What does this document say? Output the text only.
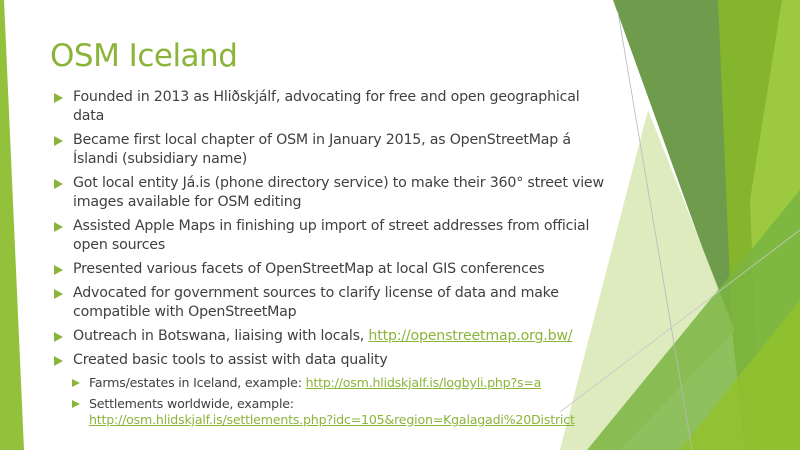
OSM Iceland
Founded in 2013 as Hliðskjálf, advocating for free and open geographical data
Became first local chapter of OSM in January 2015, as OpenStreetMap á Íslandi (subsidiary name)
Got local entity Já.is (phone directory service) to make their 360° street view images available for OSM editing
Assisted Apple Maps in finishing up import of street addresses from official open sources
Presented various facets of OpenStreetMap at local GIS conferences
Advocated for government sources to clarify license of data and make compatible with OpenStreetMap
Outreach in Botswana, liaising with locals, http://openstreetmap.org.bw/
Created basic tools to assist with data quality
Farms/estates in Iceland, example: http://osm.hlidskjalf.is/logbyli.php?s=a
Settlements worldwide, example:
http://osm.hlidskjalf.is/settlements.php?idc=105&region=Kgalagadi%20District
